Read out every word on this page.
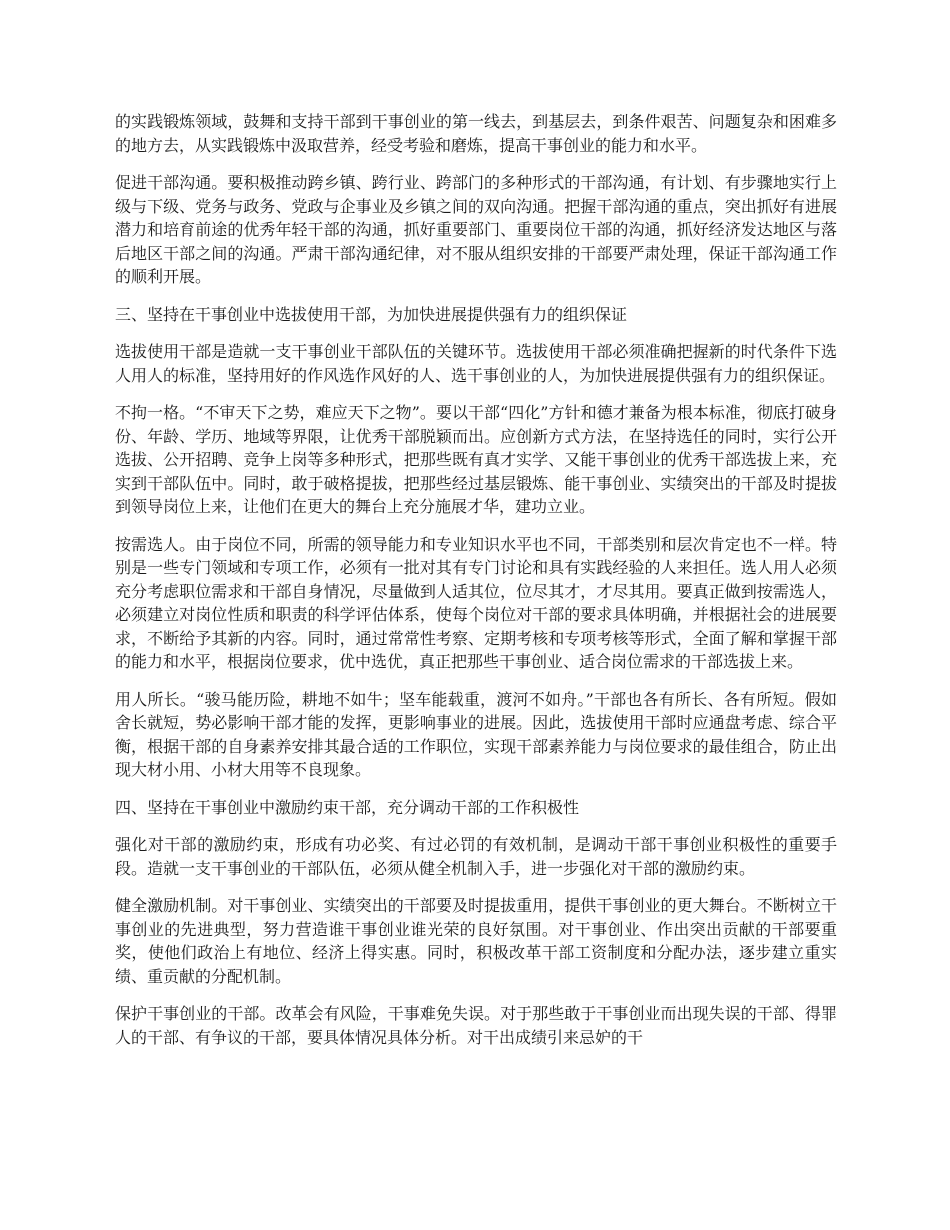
的实践锻炼领域，鼓舞和支持干部到干事创业的第一线去，到基层去，到条件艰苦、问题复杂和困难多的地方去，从实践锻炼中汲取营养，经受考验和磨炼，提高干事创业的能力和水平。

促进干部沟通。要积极推动跨乡镇、跨行业、跨部门的多种形式的干部沟通，有计划、有步骤地实行上级与下级、党务与政务、党政与企事业及乡镇之间的双向沟通。把握干部沟通的重点，突出抓好有进展潜力和培育前途的优秀年轻干部的沟通，抓好重要部门、重要岗位干部的沟通，抓好经济发达地区与落后地区干部之间的沟通。严肃干部沟通纪律，对不服从组织安排的干部要严肃处理，保证干部沟通工作的顺利开展。

三、坚持在干事创业中选拔使用干部，为加快进展提供强有力的组织保证

选拔使用干部是造就一支干事创业干部队伍的关键环节。选拔使用干部必须准确把握新的时代条件下选人用人的标准，坚持用好的作风选作风好的人、选干事创业的人，为加快进展提供强有力的组织保证。

不拘一格。“不审天下之势，难应天下之物”。要以干部“四化”方针和德才兼备为根本标准，彻底打破身份、年龄、学历、地域等界限，让优秀干部脱颖而出。应创新方式方法，在坚持选任的同时，实行公开选拔、公开招聘、竞争上岗等多种形式，把那些既有真才实学、又能干事创业的优秀干部选拔上来，充实到干部队伍中。同时，敢于破格提拔，把那些经过基层锻炼、能干事创业、实绩突出的干部及时提拔到领导岗位上来，让他们在更大的舞台上充分施展才华，建功立业。

按需选人。由于岗位不同，所需的领导能力和专业知识水平也不同，干部类别和层次肯定也不一样。特别是一些专门领域和专项工作，必须有一批对其有专门讨论和具有实践经验的人来担任。选人用人必须充分考虑职位需求和干部自身情况，尽量做到人适其位，位尽其才，才尽其用。要真正做到按需选人，必须建立对岗位性质和职责的科学评估体系，使每个岗位对干部的要求具体明确，并根据社会的进展要求，不断给予其新的内容。同时，通过常常性考察、定期考核和专项考核等形式，全面了解和掌握干部的能力和水平，根据岗位要求，优中选优，真正把那些干事创业、适合岗位需求的干部选拔上来。

用人所长。“骏马能历险，耕地不如牛；坚车能载重，渡河不如舟。”干部也各有所长、各有所短。假如舍长就短，势必影响干部才能的发挥，更影响事业的进展。因此，选拔使用干部时应通盘考虑、综合平衡，根据干部的自身素养安排其最合适的工作职位，实现干部素养能力与岗位要求的最佳组合，防止出现大材小用、小材大用等不良现象。

四、坚持在干事创业中激励约束干部，充分调动干部的工作积极性

强化对干部的激励约束，形成有功必奖、有过必罚的有效机制，是调动干部干事创业积极性的重要手段。造就一支干事创业的干部队伍，必须从健全机制入手，进一步强化对干部的激励约束。

健全激励机制。对干事创业、实绩突出的干部要及时提拔重用，提供干事创业的更大舞台。不断树立干事创业的先进典型，努力营造谁干事创业谁光荣的良好氛围。对干事创业、作出突出贡献的干部要重奖，使他们政治上有地位、经济上得实惠。同时，积极改革干部工资制度和分配办法，逐步建立重实绩、重贡献的分配机制。

保护干事创业的干部。改革会有风险，干事难免失误。对于那些敢于干事创业而出现失误的干部、得罪人的干部、有争议的干部，要具体情况具体分析。对干出成绩引来忌妒的干
